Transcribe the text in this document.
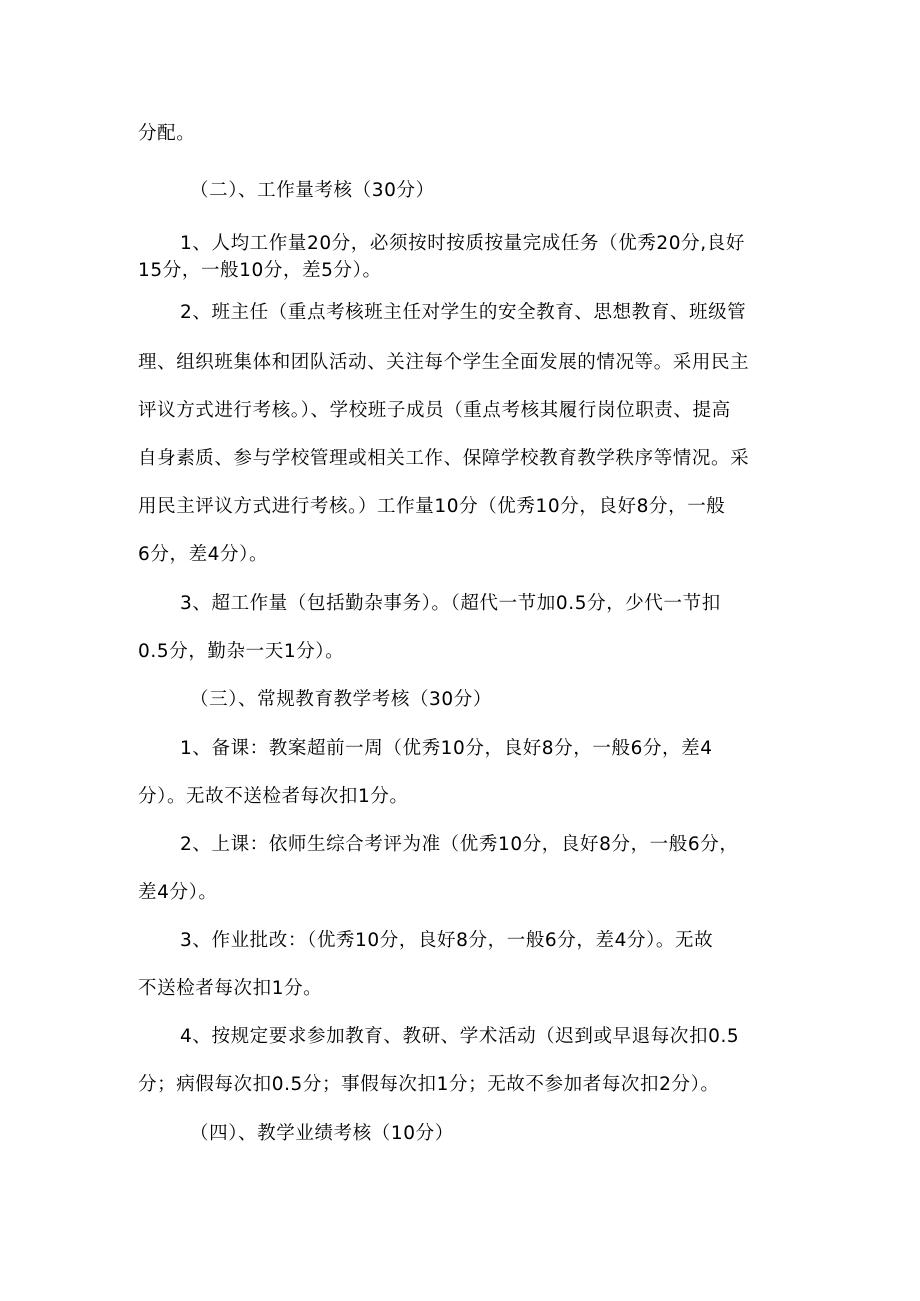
分配。
（二）、工作量考核（30分）
1、人均工作量20分，必须按时按质按量完成任务（优秀20分,良好
15分，一般10分，差5分）。
2、班主任（重点考核班主任对学生的安全教育、思想教育、班级管
理、组织班集体和团队活动、关注每个学生全面发展的情况等。采用民主
评议方式进行考核。）、学校班子成员（重点考核其履行岗位职责、提高
自身素质、参与学校管理或相关工作、保障学校教育教学秩序等情况。采
用民主评议方式进行考核。）工作量10分（优秀10分，良好8分，一般
6分，差4分）。
3、超工作量（包括勤杂事务）。（超代一节加0.5分，少代一节扣
0.5分，勤杂一天1分）。
（三）、常规教育教学考核（30分）
1、备课：教案超前一周（优秀10分，良好8分，一般6分，差4
分）。无故不送检者每次扣1分。
2、上课：依师生综合考评为准（优秀10分，良好8分，一般6分，
差4分）。
3、作业批改：（优秀10分，良好8分，一般6分，差4分）。无故
不送检者每次扣1分。
4、按规定要求参加教育、教研、学术活动（迟到或早退每次扣0.5
分；病假每次扣0.5分；事假每次扣1分；无故不参加者每次扣2分）。
（四）、教学业绩考核（10分）
